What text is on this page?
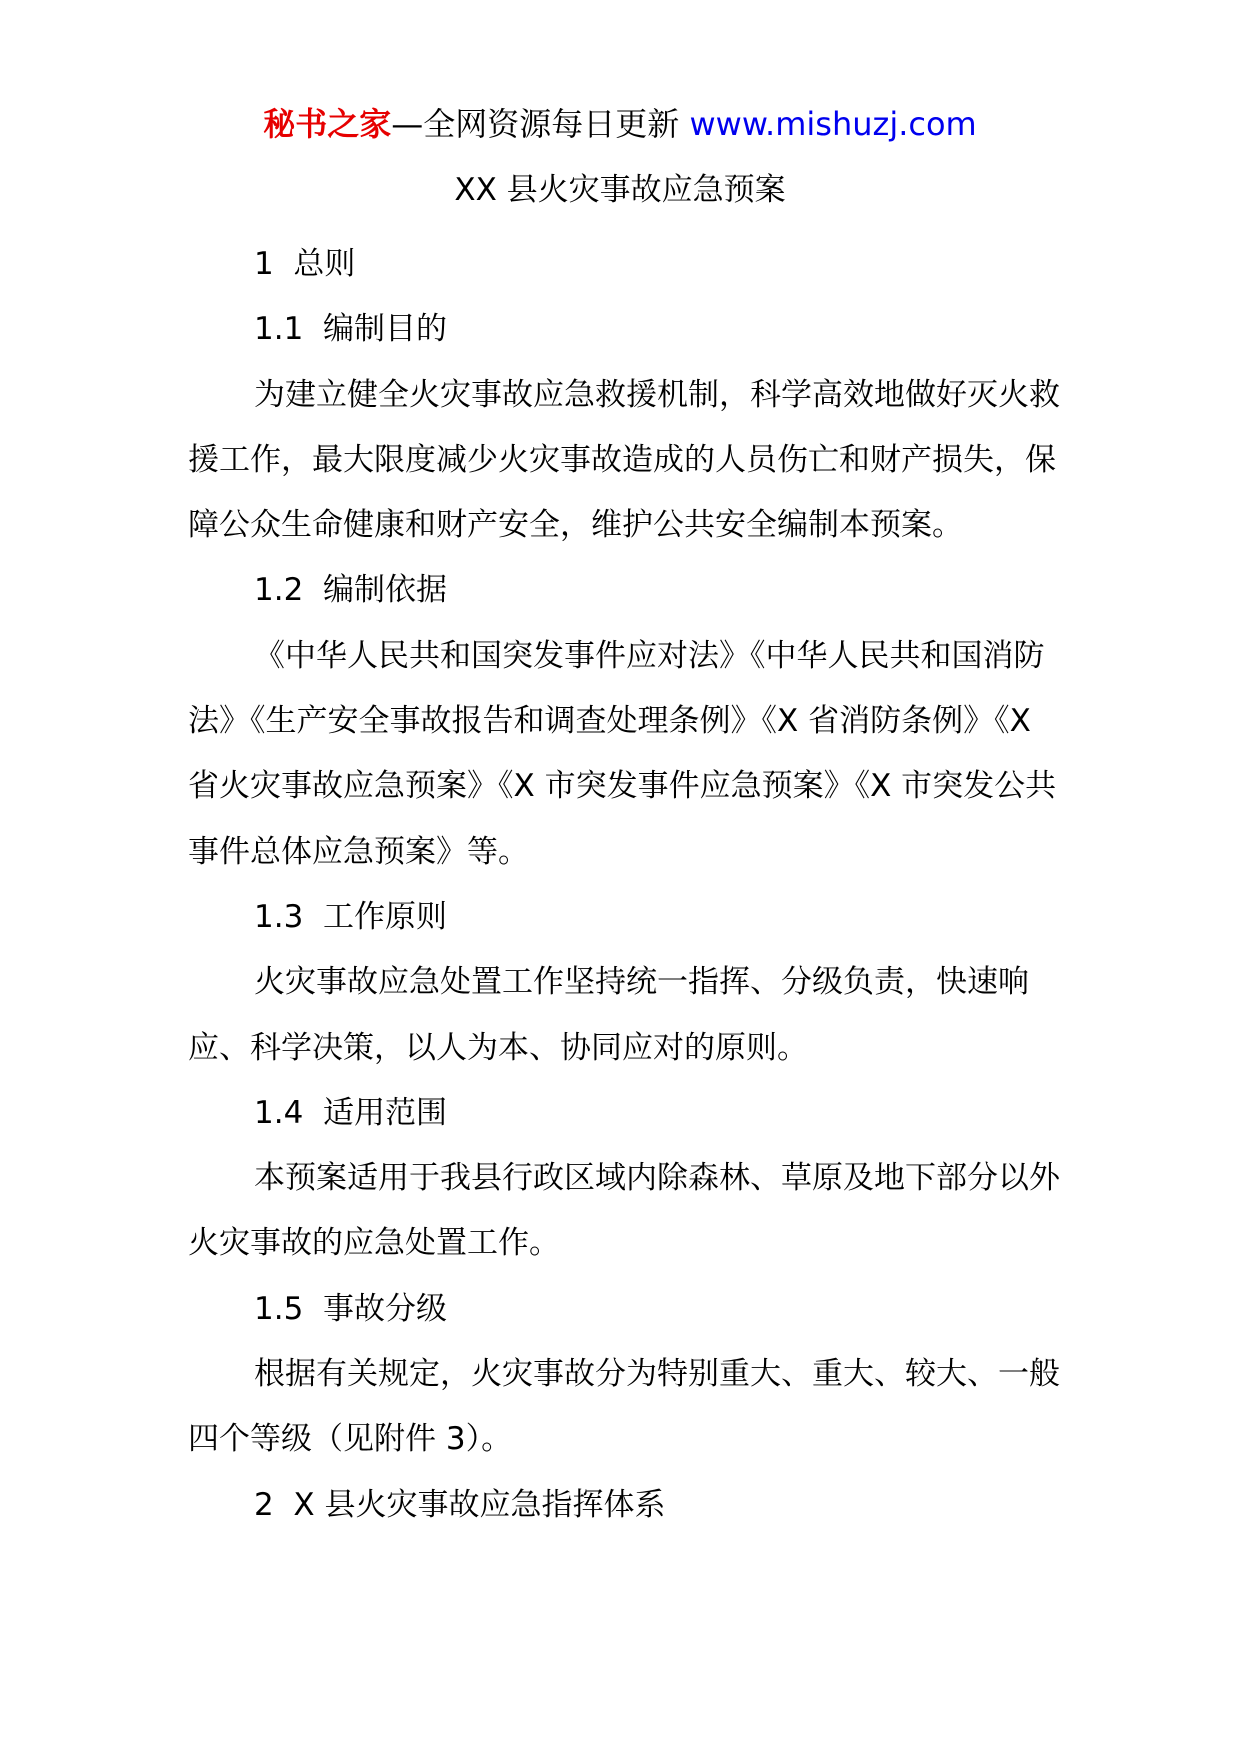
秘书之家—全网资源每日更新 www.mishuzj.com
XX 县火灾事故应急预案

1  总则

1.1  编制目的

为建立健全火灾事故应急救援机制，科学高效地做好灭火救援工作，最大限度减少火灾事故造成的人员伤亡和财产损失，保障公众生命健康和财产安全，维护公共安全编制本预案。

1.2  编制依据

《中华人民共和国突发事件应对法》《中华人民共和国消防法》《生产安全事故报告和调查处理条例》《X 省消防条例》《X 省火灾事故应急预案》《X 市突发事件应急预案》《X 市突发公共事件总体应急预案》等。

1.3  工作原则

火灾事故应急处置工作坚持统一指挥、分级负责，快速响应、科学决策，以人为本、协同应对的原则。

1.4  适用范围

本预案适用于我县行政区域内除森林、草原及地下部分以外火灾事故的应急处置工作。

1.5  事故分级

根据有关规定，火灾事故分为特别重大、重大、较大、一般四个等级（见附件 3）。

2  X 县火灾事故应急指挥体系
